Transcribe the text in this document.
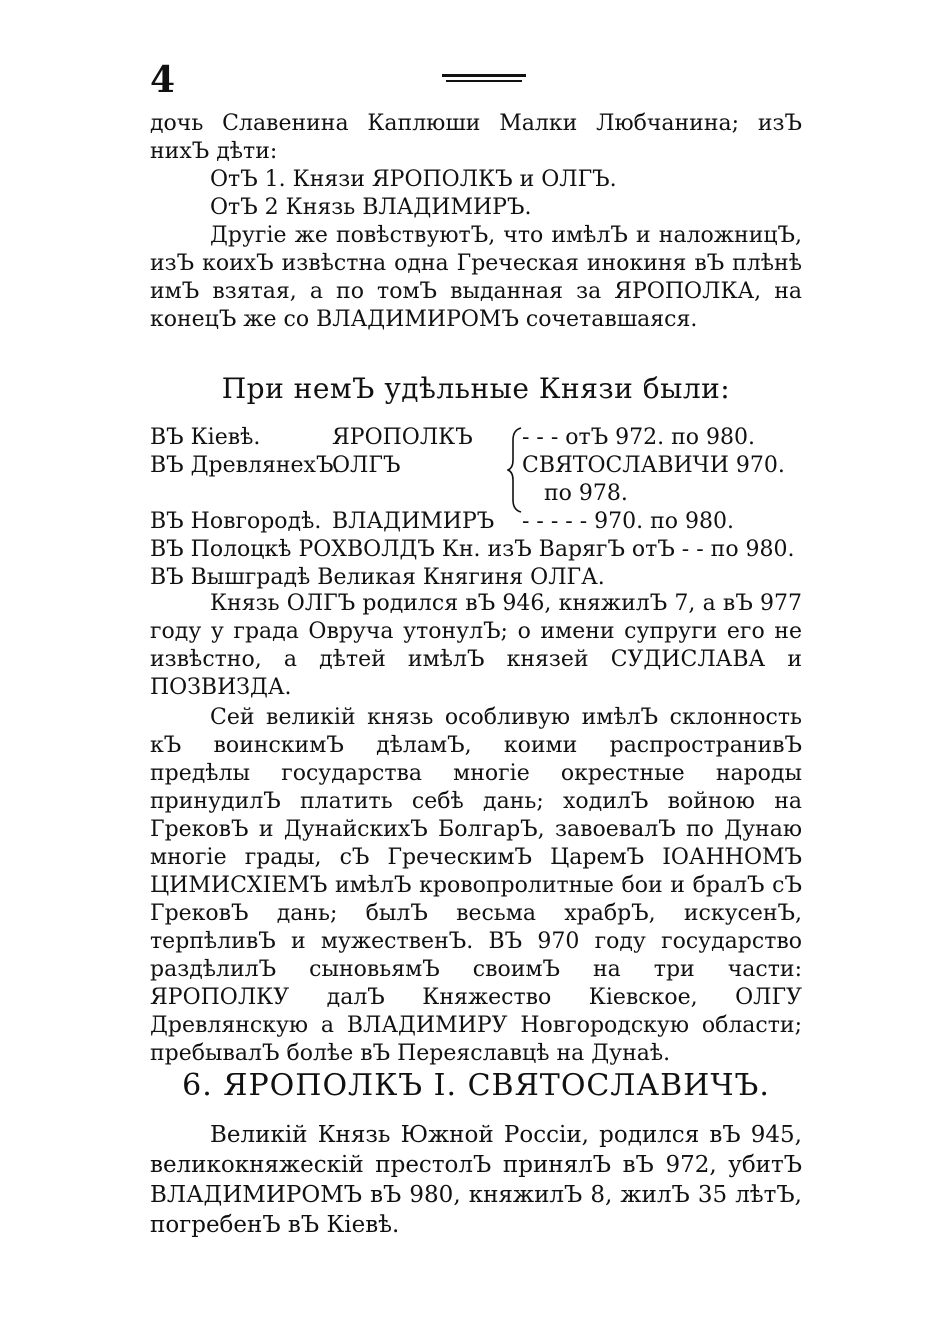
4

дочь Славенина Каплюши Малки Любчанина; изЪ нихЪ дѣти:

ОтЪ 1. Князи ЯРОПОЛКЪ и ОЛГЪ.

ОтЪ 2 Князь ВЛАДИМИРЪ.

Другіе же повѣствуютЪ, что имѣлЪ и наложницЪ, изЪ коихЪ извѣстна одна Греческая инокиня вЪ плѣнѣ имЪ взятая, а по томЪ выданная за ЯРОПОЛКА, на конецЪ же со ВЛАДИМИРОМЪ сочетавшаяся.

При немЪ удѣльные Князи были:
ВЪ Кіевѣ.	ЯРОПОЛКЪ - - - отЪ 972. по 980.
ВЪ ДревлянехЪ.
ОЛГЪ	СВЯТОСЛАВИЧИ 970.
по 978.
ВЪ Новгородѣ. ВЛАДИМИРЪ - - - - - 970. по 980.
ВЪ Полоцкѣ РОХВОЛДЪ Кн. изЪ ВарягЪ отЪ - - по 980.
ВЪ Вышградѣ Великая Княгиня ОЛГА.

Князь ОЛГЪ родился вЪ 946, княжилЪ 7, а вЪ 977 году у града Овруча утонулЪ; о имени супруги его не извѣстно, а дѣтей имѣлЪ князей СУДИСЛАВА и ПОЗВИЗДА.

Сей великій князь особливую имѣлЪ склонность кЪ воинскимЪ дѣламЪ, коими распространивЪ предѣлы государства многіе окрестные народы принудилЪ платить себѣ дань; ходилЪ войною на ГрековЪ и ДунайскихЪ БолгарЪ, завоевалЪ по Дунаю многіе грады, сЪ ГреческимЪ ЦаремЪ ІОАННОМЪ ЦИМИСХІЕМЪ имѣлЪ кровопролитные бои и бралЪ сЪ ГрековЪ дань; былЪ весьма храбрЪ, искусенЪ, терпѣливЪ и мужественЪ. ВЪ 970 году государство раздѣлилЪ сыновьямЪ своимЪ на три части: ЯРОПОЛКУ далЪ Княжество Кіевское, ОЛГУ Древлянскую а ВЛАДИМИРУ Новгородскую области; пребывалЪ болѣе вЪ Переяславцѣ на Дунаѣ.

6. ЯРОПОЛКЪ I. СВЯТОСЛАВИЧЪ.

Великій Князь Южной Россіи, родился вЪ 945, великокняжескій престолЪ принялЪ вЪ 972, убитЪ ВЛАДИМИРОМЪ вЪ 980, княжилЪ 8, жилЪ 35 лѣтЪ, погребенЪ вЪ Кіевѣ.
